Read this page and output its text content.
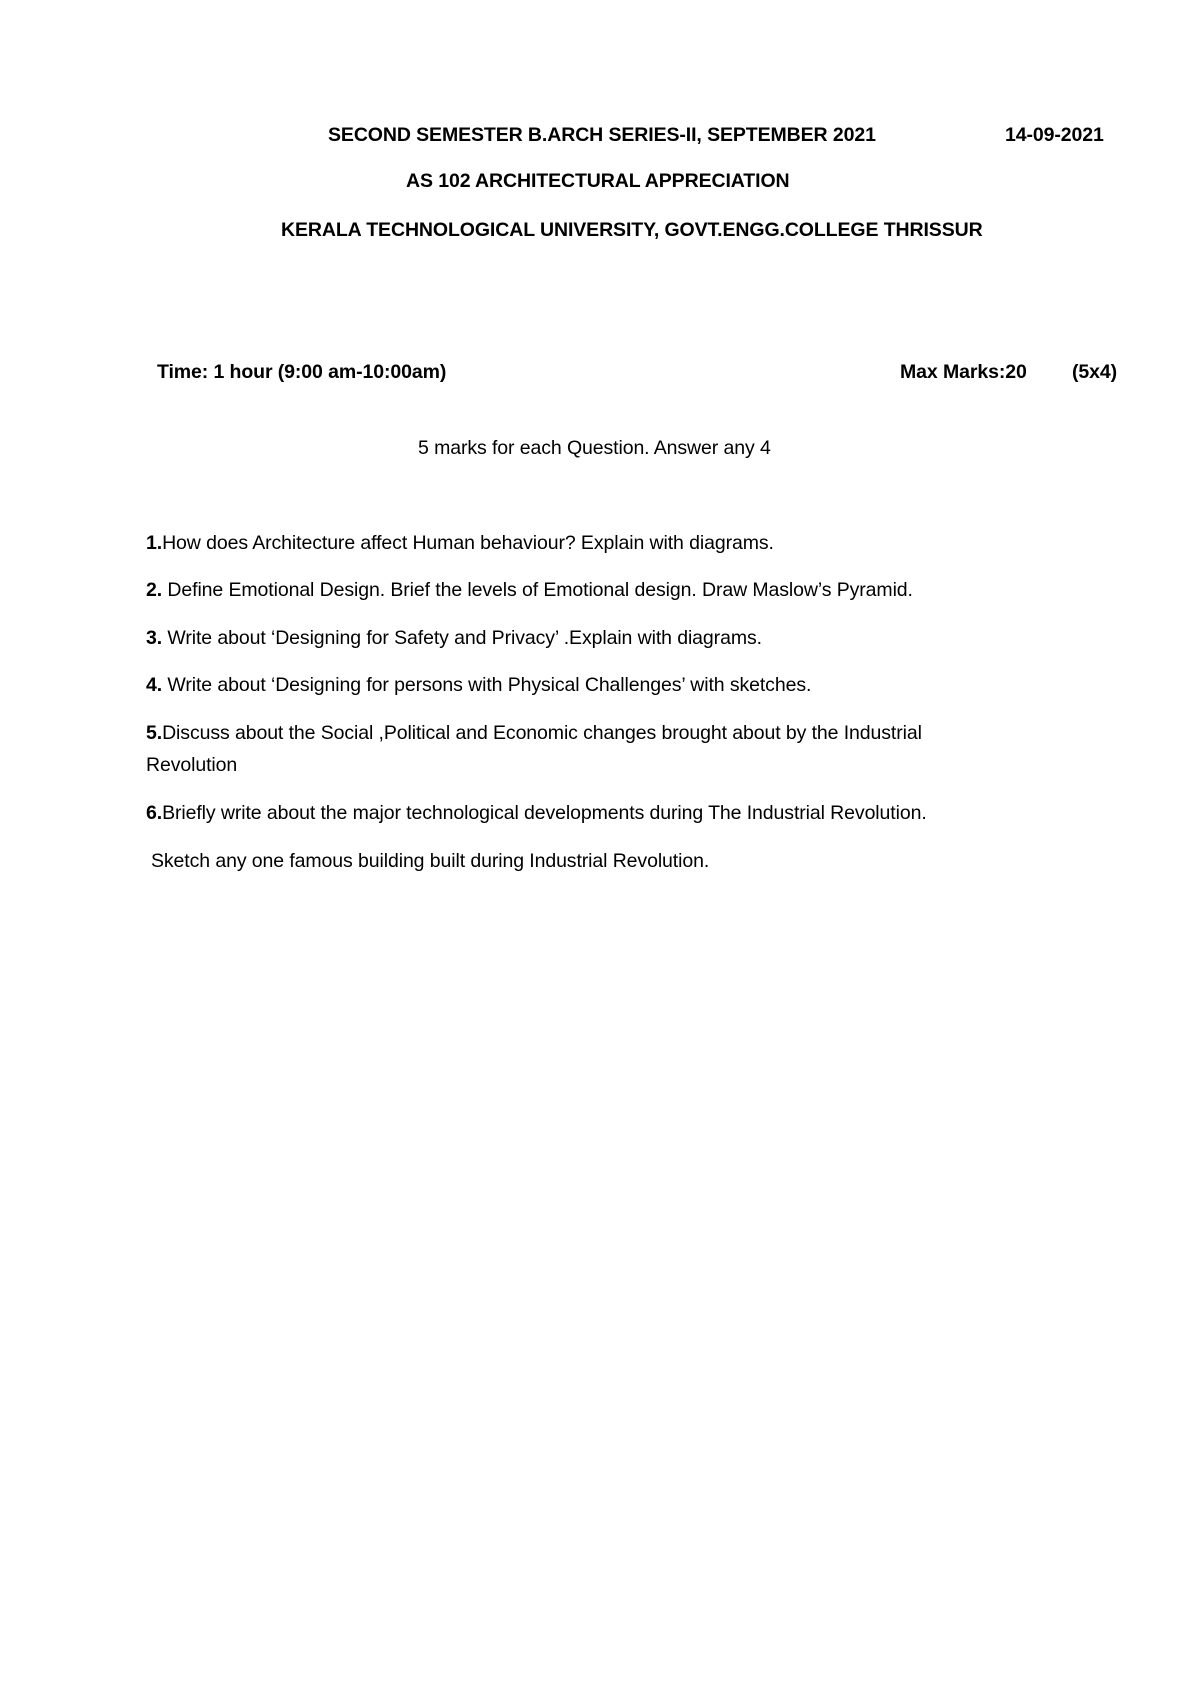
SECOND SEMESTER B.ARCH SERIES-II, SEPTEMBER 2021	14-09-2021
AS 102 ARCHITECTURAL APPRECIATION
KERALA TECHNOLOGICAL UNIVERSITY, GOVT.ENGG.COLLEGE THRISSUR
Time: 1 hour (9:00 am-10:00am)	Max Marks:20 (5x4)
5 marks for each Question. Answer any 4
1.How does Architecture affect Human behaviour? Explain with diagrams.
2. Define Emotional Design. Brief the levels of Emotional design. Draw Maslow’s Pyramid.
3. Write about ‘Designing for Safety and Privacy’ .Explain with diagrams.
4. Write about ‘Designing for persons with Physical Challenges’ with sketches.
5.Discuss about the Social ,Political and Economic changes brought about by the Industrial
Revolution
6.Briefly write about the major technological developments during The Industrial Revolution.
Sketch any one famous building built during Industrial Revolution.
